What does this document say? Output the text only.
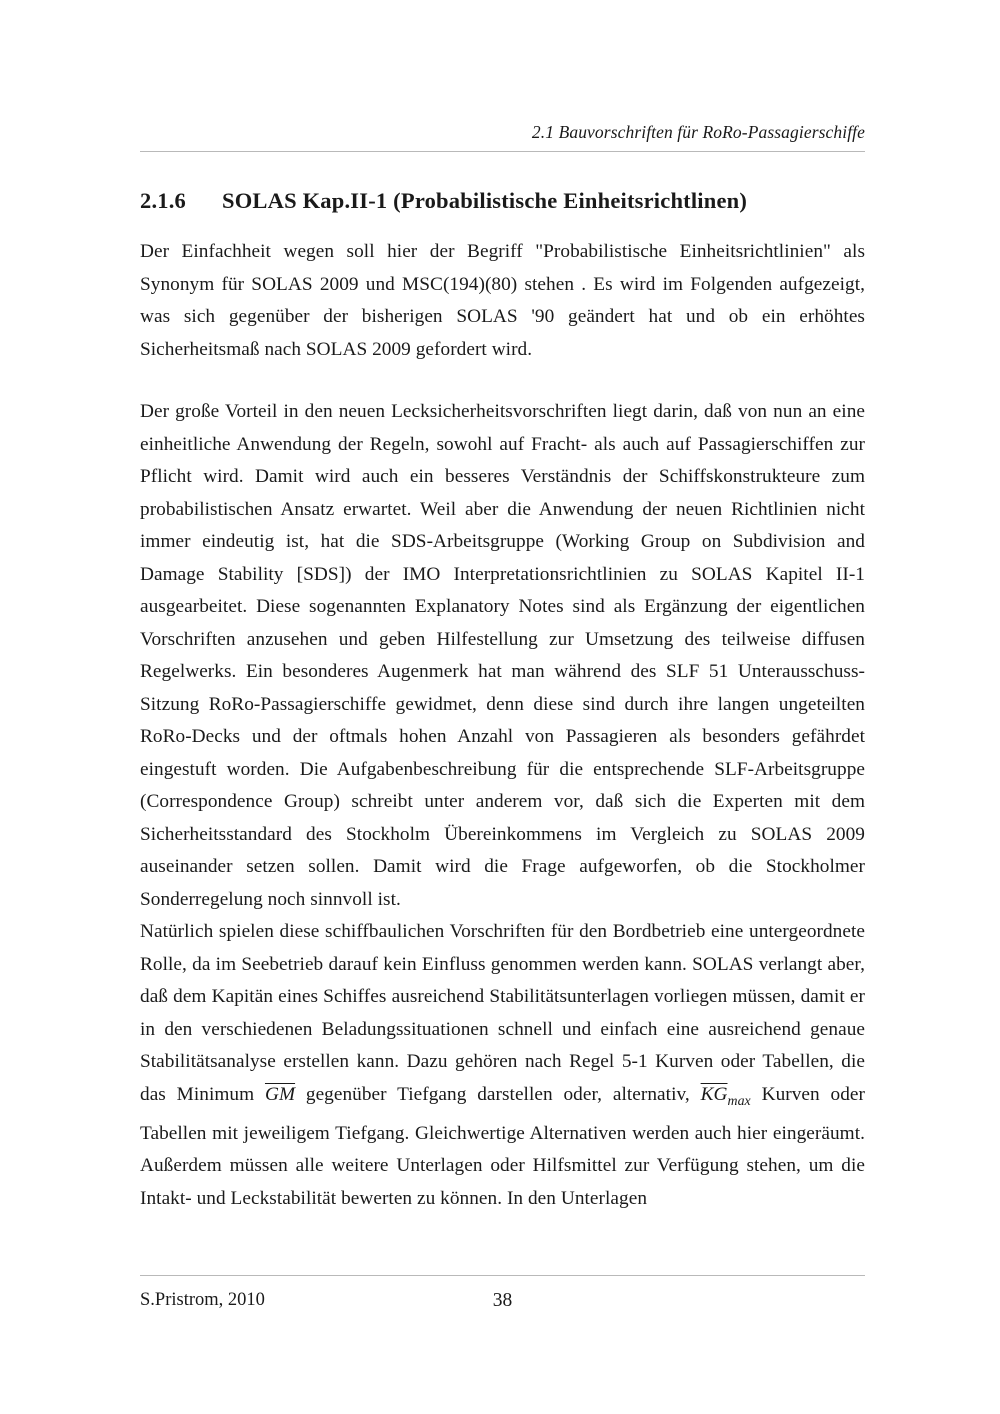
2.1 Bauvorschriften für RoRo-Passagierschiffe
2.1.6	SOLAS Kap.II-1 (Probabilistische Einheitsrichtlinen)

Der Einfachheit wegen soll hier der Begriff "Probabilistische Einheitsrichtlinien" als Synonym für SOLAS 2009 und MSC(194)(80) stehen . Es wird im Folgenden aufgezeigt, was sich gegenüber der bisherigen SOLAS '90 geändert hat und ob ein erhöhtes Sicherheitsmaß nach SOLAS 2009 gefordert wird.

Der große Vorteil in den neuen Lecksicherheitsvorschriften liegt darin, daß von nun an eine einheitliche Anwendung der Regeln, sowohl auf Fracht- als auch auf Passagierschiffen zur Pflicht wird. Damit wird auch ein besseres Verständnis der Schiffskonstrukteure zum probabilistischen Ansatz erwartet. Weil aber die Anwendung der neuen Richtlinien nicht immer eindeutig ist, hat die SDS-Arbeitsgruppe (Working Group on Subdivision and Damage Stability [SDS]) der IMO Interpretationsrichtlinien zu SOLAS Kapitel II-1 ausgearbeitet. Diese sogenannten Explanatory Notes sind als Ergänzung der eigentlichen Vorschriften anzusehen und geben Hilfestellung zur Umsetzung des teilweise diffusen Regelwerks. Ein besonderes Augenmerk hat man während des SLF 51 Unterausschuss-Sitzung RoRo-Passagierschiffe gewidmet, denn diese sind durch ihre langen ungeteilten RoRo-Decks und der oftmals hohen Anzahl von Passagieren als besonders gefährdet eingestuft worden. Die Aufgabenbeschreibung für die entsprechende SLF-Arbeitsgruppe (Correspondence Group) schreibt unter anderem vor, daß sich die Experten mit dem Sicherheitsstandard des Stockholm Übereinkommens im Vergleich zu SOLAS 2009 auseinander setzen sollen. Damit wird die Frage aufgeworfen, ob die Stockholmer Sonderregelung noch sinnvoll ist.

Natürlich spielen diese schiffbaulichen Vorschriften für den Bordbetrieb eine untergeordnete Rolle, da im Seebetrieb darauf kein Einfluss genommen werden kann. SOLAS verlangt aber, daß dem Kapitän eines Schiffes ausreichend Stabilitätsunterlagen vorliegen müssen, damit er in den verschiedenen Beladungssituationen schnell und einfach eine ausreichend genaue Stabilitätsanalyse erstellen kann. Dazu gehören nach Regel 5-1 Kurven oder Tabellen, die das Minimum $\overline{GM}$ gegenüber Tiefgang darstellen oder, alternativ, $\overline{KG}_{max}$ Kurven oder Tabellen mit jeweiligem Tiefgang. Gleichwertige Alternativen werden auch hier eingeräumt. Außerdem müssen alle weitere Unterlagen oder Hilfsmittel zur Verfügung stehen, um die Intakt- und Leckstabilität bewerten zu können. In den Unterlagen

S.Pristrom, 2010	38
